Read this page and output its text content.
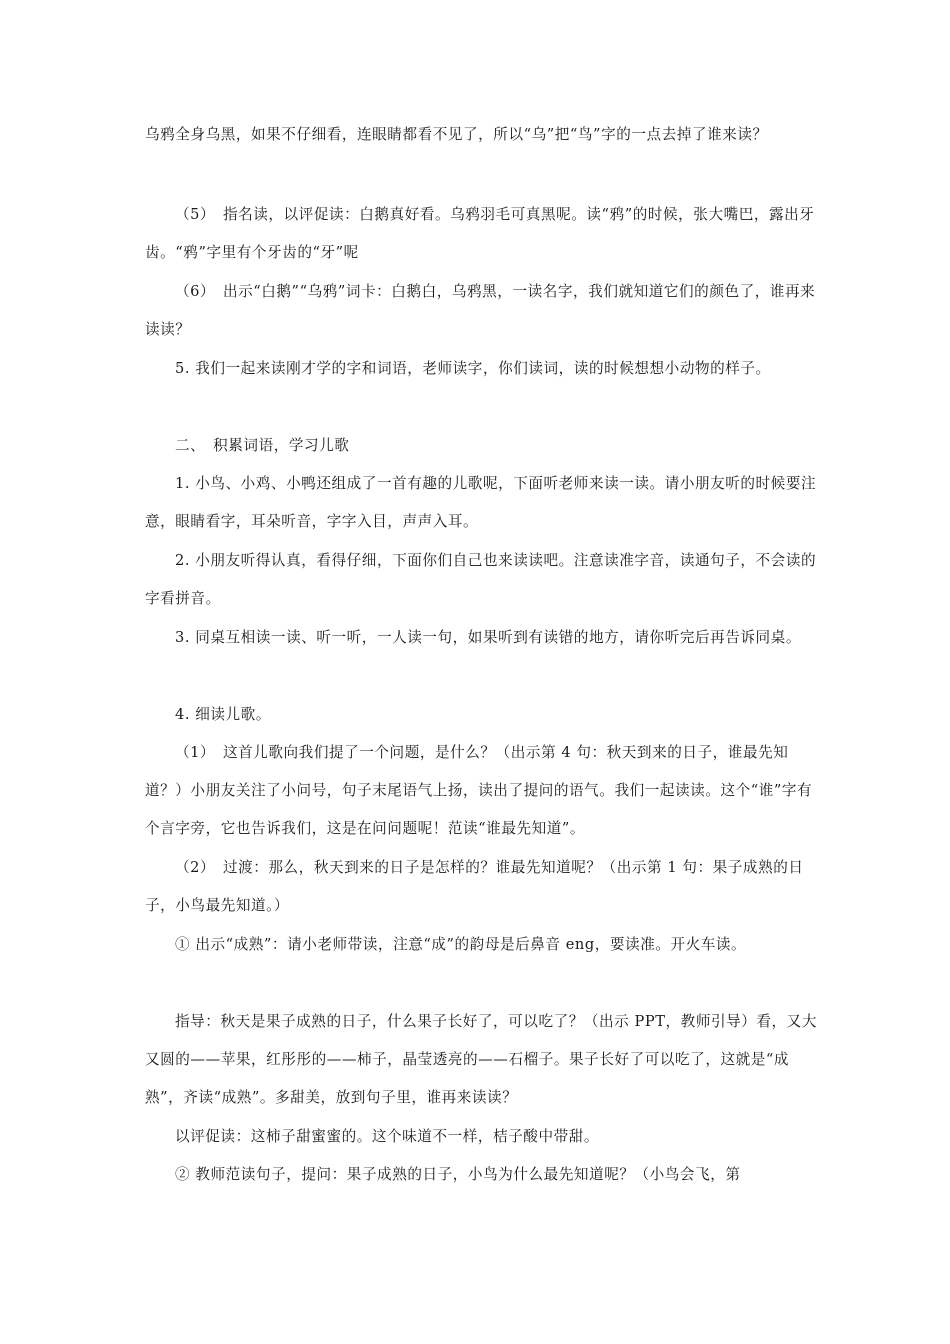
乌鸦全身乌黑，如果不仔细看，连眼睛都看不见了，所以“乌”把“鸟”字的一点去掉了谁来读？

（5）　指名读，以评促读：白鹅真好看。乌鸦羽毛可真黑呢。读“鸦”的时候，张大嘴巴，露出牙齿。“鸦”字里有个牙齿的“牙”呢

（6）　出示“白鹅”“乌鸦”词卡：白鹅白，乌鸦黑，一读名字，我们就知道它们的颜色了，谁再来读读？

5. 我们一起来读刚才学的字和词语，老师读字，你们读词，读的时候想想小动物的样子。

二、　积累词语，学习儿歌

1. 小鸟、小鸡、小鸭还组成了一首有趣的儿歌呢，下面听老师来读一读。请小朋友听的时候要注意，眼睛看字，耳朵听音，字字入目，声声入耳。

2. 小朋友听得认真，看得仔细，下面你们自己也来读读吧。注意读准字音，读通句子，不会读的字看拼音。

3. 同桌互相读一读、听一听，一人读一句，如果听到有读错的地方，请你听完后再告诉同桌。

4. 细读儿歌。

（1）　这首儿歌向我们提了一个问题，是什么？（出示第 4 句：秋天到来的日子，谁最先知道？）小朋友关注了小问号，句子末尾语气上扬，读出了提问的语气。我们一起读读。这个“谁”字有个言字旁，它也告诉我们，这是在问问题呢！范读“谁最先知道”。

（2）　过渡：那么，秋天到来的日子是怎样的？谁最先知道呢？（出示第 1 句：果子成熟的日子，小鸟最先知道。）

① 出示“成熟”：请小老师带读，注意“成”的韵母是后鼻音 eng，要读准。开火车读。

指导：秋天是果子成熟的日子，什么果子长好了，可以吃了？（出示 PPT，教师引导）看，又大又圆的——苹果，红彤彤的——柿子，晶莹透亮的——石榴子。果子长好了可以吃了，这就是“成熟”，齐读“成熟”。多甜美，放到句子里，谁再来读读？

以评促读：这柿子甜蜜蜜的。这个味道不一样，桔子酸中带甜。

② 教师范读句子，提问：果子成熟的日子，小鸟为什么最先知道呢？（小鸟会飞，第
